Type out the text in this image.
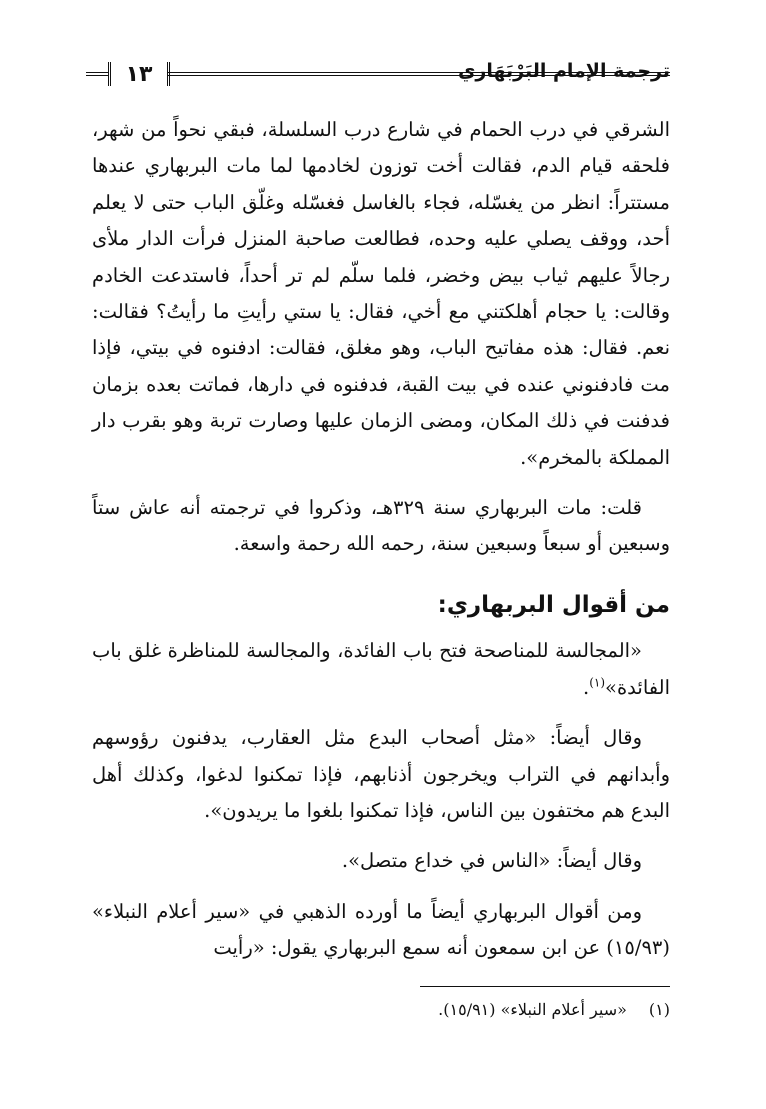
١٣	ترجمة الإمام البَرْبَهَاري

الشرقي في درب الحمام في شارع درب السلسلة، فبقي نحواً من شهر، فلحقه قيام الدم، فقالت أخت توزون لخادمها لما مات البربهاري عندها مستتراً: انظر من يغسّله، فجاء بالغاسل فغسّله وغلّق الباب حتى لا يعلم أحد، ووقف يصلي عليه وحده، فطالعت صاحبة المنزل فرأت الدار ملأى رجالاً عليهم ثياب بيض وخضر، فلما سلّم لم تر أحداً، فاستدعت الخادم وقالت: يا حجام أهلكتني مع أخي، فقال: يا ستي رأيتِ ما رأيتُ؟ فقالت: نعم. فقال: هذه مفاتيح الباب، وهو مغلق، فقالت: ادفنوه في بيتي، فإذا مت فادفنوني عنده في بيت القبة، فدفنوه في دارها، فماتت بعده بزمان فدفنت في ذلك المكان، ومضى الزمان عليها وصارت تربة وهو بقرب دار المملكة بالمخرم».

قلت: مات البربهاري سنة ٣٢٩هـ، وذكروا في ترجمته أنه عاش ستاً وسبعين أو سبعاً وسبعين سنة، رحمه الله رحمة واسعة.

من أقوال البربهاري:

«المجالسة للمناصحة فتح باب الفائدة، والمجالسة للمناظرة غلق باب الفائدة»$^{(١)}$.

وقال أيضاً: «مثل أصحاب البدع مثل العقارب، يدفنون رؤوسهم وأبدانهم في التراب ويخرجون أذنابهم، فإذا تمكنوا لدغوا، وكذلك أهل البدع هم مختفون بين الناس، فإذا تمكنوا بلغوا ما يريدون».

وقال أيضاً: «الناس في خداع متصل».

ومن أقوال البربهاري أيضاً ما أورده الذهبي في «سير أعلام النبلاء» (١٥/٩٣) عن ابن سمعون أنه سمع البربهاري يقول: «رأيت

(١)«سير أعلام النبلاء» (١٥/٩١).
